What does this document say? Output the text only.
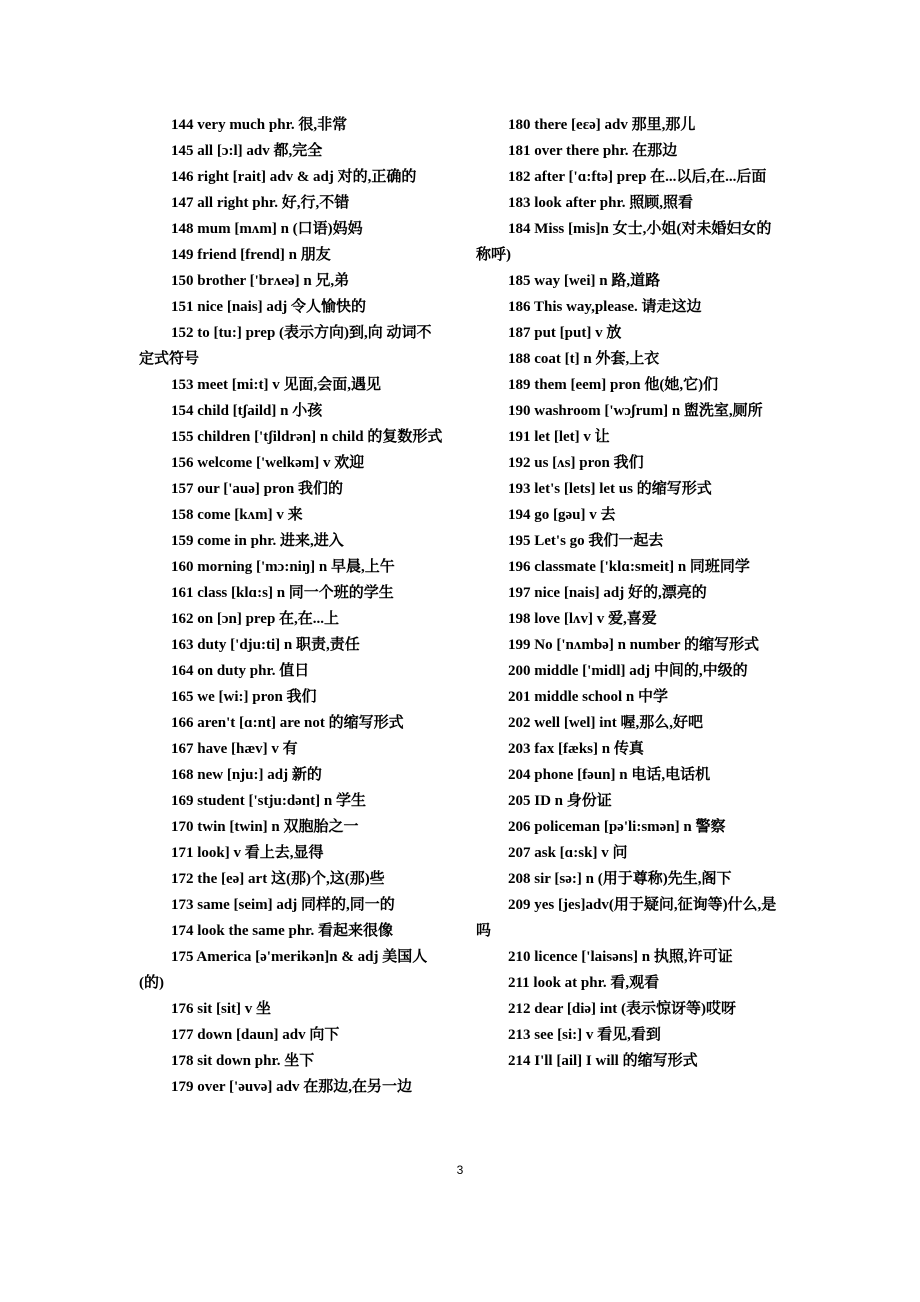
144 very much phr. 很,非常

145 all [ɔ:l] adv 都,完全

146 right [rait] adv & adj 对的,正确的

147 all right phr. 好,行,不错

148 mum [mʌm] n (口语)妈妈

149 friend [frend] n 朋友

150 brother ['brʌeə] n 兄,弟

151 nice [nais] adj 令人愉快的

152 to [tu:] prep (表示方向)到,向 动词不定式符号

153 meet [mi:t] v 见面,会面,遇见

154 child [tʃaild] n 小孩

155 children ['tʃildrən] n child 的复数形式

156 welcome ['welkəm] v 欢迎

157 our ['auə] pron 我们的

158 come [kʌm] v 来

159 come in phr. 进来,进入

160 morning ['mɔ:niŋ] n 早晨,上午

161 class [klɑ:s] n 同一个班的学生

162 on [ɔn] prep 在,在...上

163 duty ['dju:ti] n 职责,责任

164 on duty phr. 值日

165 we [wi:] pron 我们

166 aren't [ɑ:nt] are not 的缩写形式

167 have [hæv] v 有

168 new [nju:] adj 新的

169 student ['stju:dənt] n 学生

170 twin [twin] n 双胞胎之一

171 look] v 看上去,显得

172 the [eə] art 这(那)个,这(那)些

173 same [seim] adj 同样的,同一的

174 look the same phr. 看起来很像

175 America [ə'merikən]n & adj 美国人(的)

176 sit [sit] v 坐

177 down [daun] adv 向下

178 sit down phr. 坐下

179 over ['əuvə] adv 在那边,在另一边

180 there [eεə] adv 那里,那儿

181 over there phr. 在那边

182 after ['ɑ:ftə] prep 在...以后,在...后面

183 look after phr. 照顾,照看

184 Miss [mis]n 女士,小姐(对未婚妇女的称呼)

185 way [wei] n 路,道路

186 This way,please. 请走这边

187 put [put] v 放

188 coat [t] n 外套,上衣

189 them [eem] pron 他(她,它)们

190 washroom ['wɔʃrum] n 盥洗室,厕所

191 let [let] v 让

192 us [ʌs] pron 我们

193 let's [lets] let us 的缩写形式

194 go [gəu] v 去

195 Let's go 我们一起去

196 classmate ['klɑ:smeit] n 同班同学

197 nice [nais] adj 好的,漂亮的

198 love [lʌv] v 爱,喜爱

199 No ['nʌmbə] n number 的缩写形式

200 middle ['midl] adj 中间的,中级的

201 middle school n 中学

202 well [wel] int 喔,那么,好吧

203 fax [fæks] n 传真

204 phone [fəun] n 电话,电话机

205 ID n 身份证

206 policeman [pə'li:smən] n 警察

207 ask [ɑ:sk] v 问

208 sir [sə:] n (用于尊称)先生,阁下

209 yes [jes]adv(用于疑问,征询等)什么,是吗

210 licence ['laisəns] n 执照,许可证

211 look at phr. 看,观看

212 dear [diə] int (表示惊讶等)哎呀

213 see [si:] v 看见,看到

214 I'll [ail] I will 的缩写形式

3
